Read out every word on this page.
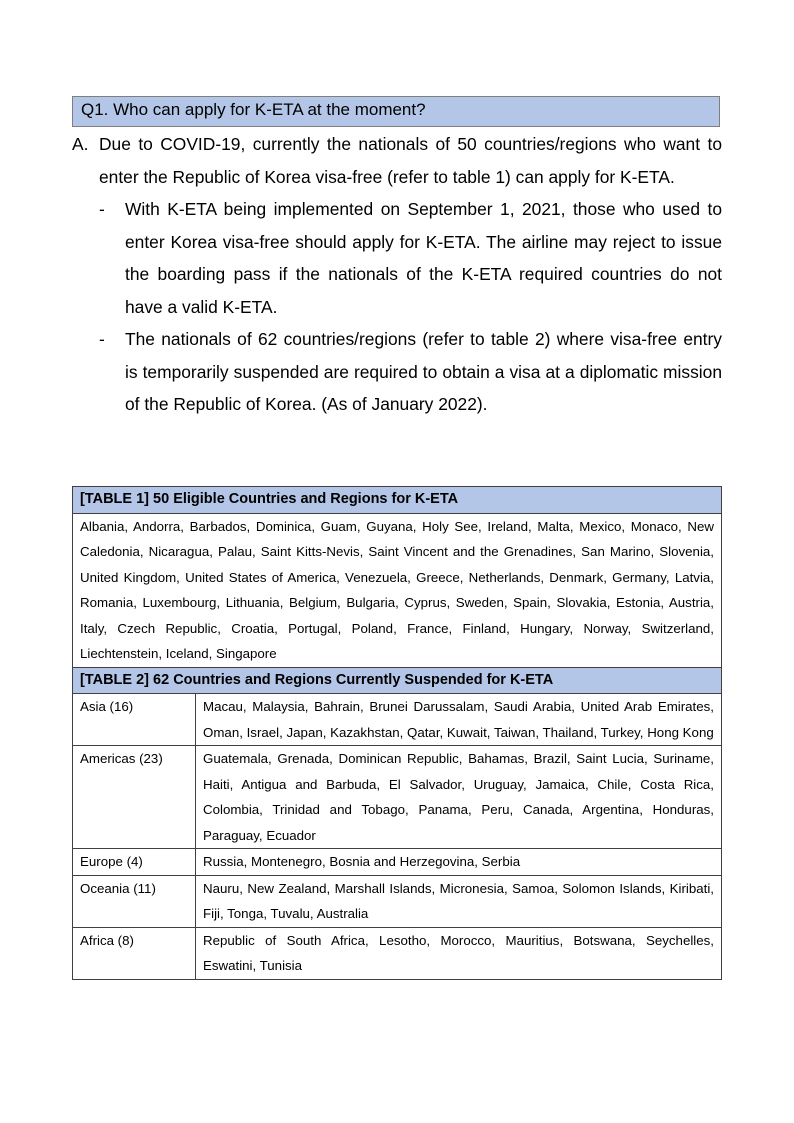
Q1. Who can apply for K-ETA at the moment?
A. Due to COVID-19, currently the nationals of 50 countries/regions who want to enter the Republic of Korea visa-free (refer to table 1) can apply for K-ETA.
- With K-ETA being implemented on September 1, 2021, those who used to enter Korea visa-free should apply for K-ETA. The airline may reject to issue the boarding pass if the nationals of the K-ETA required countries do not have a valid K-ETA.
- The nationals of 62 countries/regions (refer to table 2) where visa-free entry is temporarily suspended are required to obtain a visa at a diplomatic mission of the Republic of Korea. (As of January 2022).
[TABLE 1] 50 Eligible Countries and Regions for K-ETA	
Albania, Andorra, Barbados, Dominica, Guam, Guyana, Holy See, Ireland, Malta, Mexico, Monaco, New Caledonia, Nicaragua, Palau, Saint Kitts-Nevis, Saint Vincent and the Grenadines, San Marino, Slovenia, United Kingdom, United States of America, Venezuela, Greece, Netherlands, Denmark, Germany, Latvia, Romania, Luxembourg, Lithuania, Belgium, Bulgaria, Cyprus, Sweden, Spain, Slovakia, Estonia, Austria, Italy, Czech Republic, Croatia, Portugal, Poland, France, Finland, Hungary, Norway, Switzerland, Liechtenstein, Iceland, Singapore	
[TABLE 2] 62 Countries and Regions Currently Suspended for K-ETA	
Asia (16)	Macau, Malaysia, Bahrain, Brunei Darussalam, Saudi Arabia, United Arab Emirates, Oman, Israel, Japan, Kazakhstan, Qatar, Kuwait, Taiwan, Thailand, Turkey, Hong Kong
Americas (23)	Guatemala, Grenada, Dominican Republic, Bahamas, Brazil, Saint Lucia, Suriname, Haiti, Antigua and Barbuda, El Salvador, Uruguay, Jamaica, Chile, Costa Rica, Colombia, Trinidad and Tobago, Panama, Peru, Canada, Argentina, Honduras, Paraguay, Ecuador
Europe (4)	Russia, Montenegro, Bosnia and Herzegovina, Serbia
Oceania (11)	Nauru, New Zealand, Marshall Islands, Micronesia, Samoa, Solomon Islands, Kiribati, Fiji, Tonga, Tuvalu, Australia
Africa (8)	Republic of South Africa, Lesotho, Morocco, Mauritius, Botswana, Seychelles, Eswatini, Tunisia
